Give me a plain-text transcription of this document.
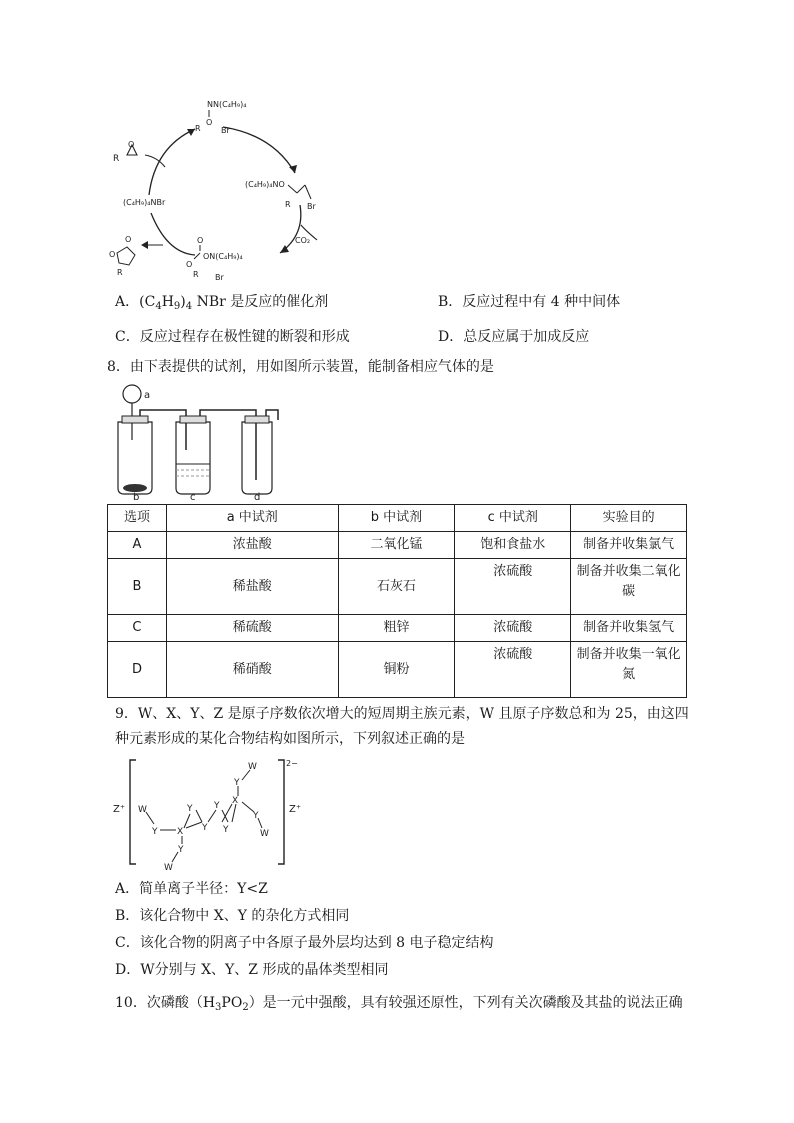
R
O
N(C₄H₉)₄
N
O
R	Br
(C₄H₉)₄NO
R Br
CO₂
(C₄H₉)₄NBr
O
ON(C₄H₉)₄
O
R Br
O
O
R
A．$(C_4H_9)_4$ NBr 是反应的催化剂	B．反应过程中有 4 种中间体
C．反应过程存在极性键的断裂和形成	D．总反应属于加成反应
8．由下表提供的试剂，用如图所示装置，能制备相应气体的是
a
b	c	d
选项	a 中试剂	b 中试剂	c 中试剂	实验目的
A	浓盐酸	二氧化锰	饱和食盐水	制备并收集氯气
B	稀盐酸	石灰石	浓硫酸	制备并收集二氧化碳
C	稀硫酸	粗锌	浓硫酸	制备并收集氢气
D	稀硝酸	铜粉	浓硫酸	制备并收集一氧化氮
9．W、X、Y、Z 是原子序数依次增大的短周期主族元素，W 且原子序数总和为 25，由这四
种元素形成的某化合物结构如图所示，下列叙述正确的是
2−
Z⁺	Z⁺
W
Y X
Y
Y
Y
Y
X
Y
W
Y
W
Y
W
A．简单离子半径：Y<Z
B．该化合物中 X、Y 的杂化方式相同
C．该化合物的阴离子中各原子最外层均达到 8 电子稳定结构
D．W分别与 X、Y、Z 形成的晶体类型相同
10．次磷酸$(H_3PO_2)$是一元中强酸，具有较强还原性，下列有关次磷酸及其盐的说法正确
